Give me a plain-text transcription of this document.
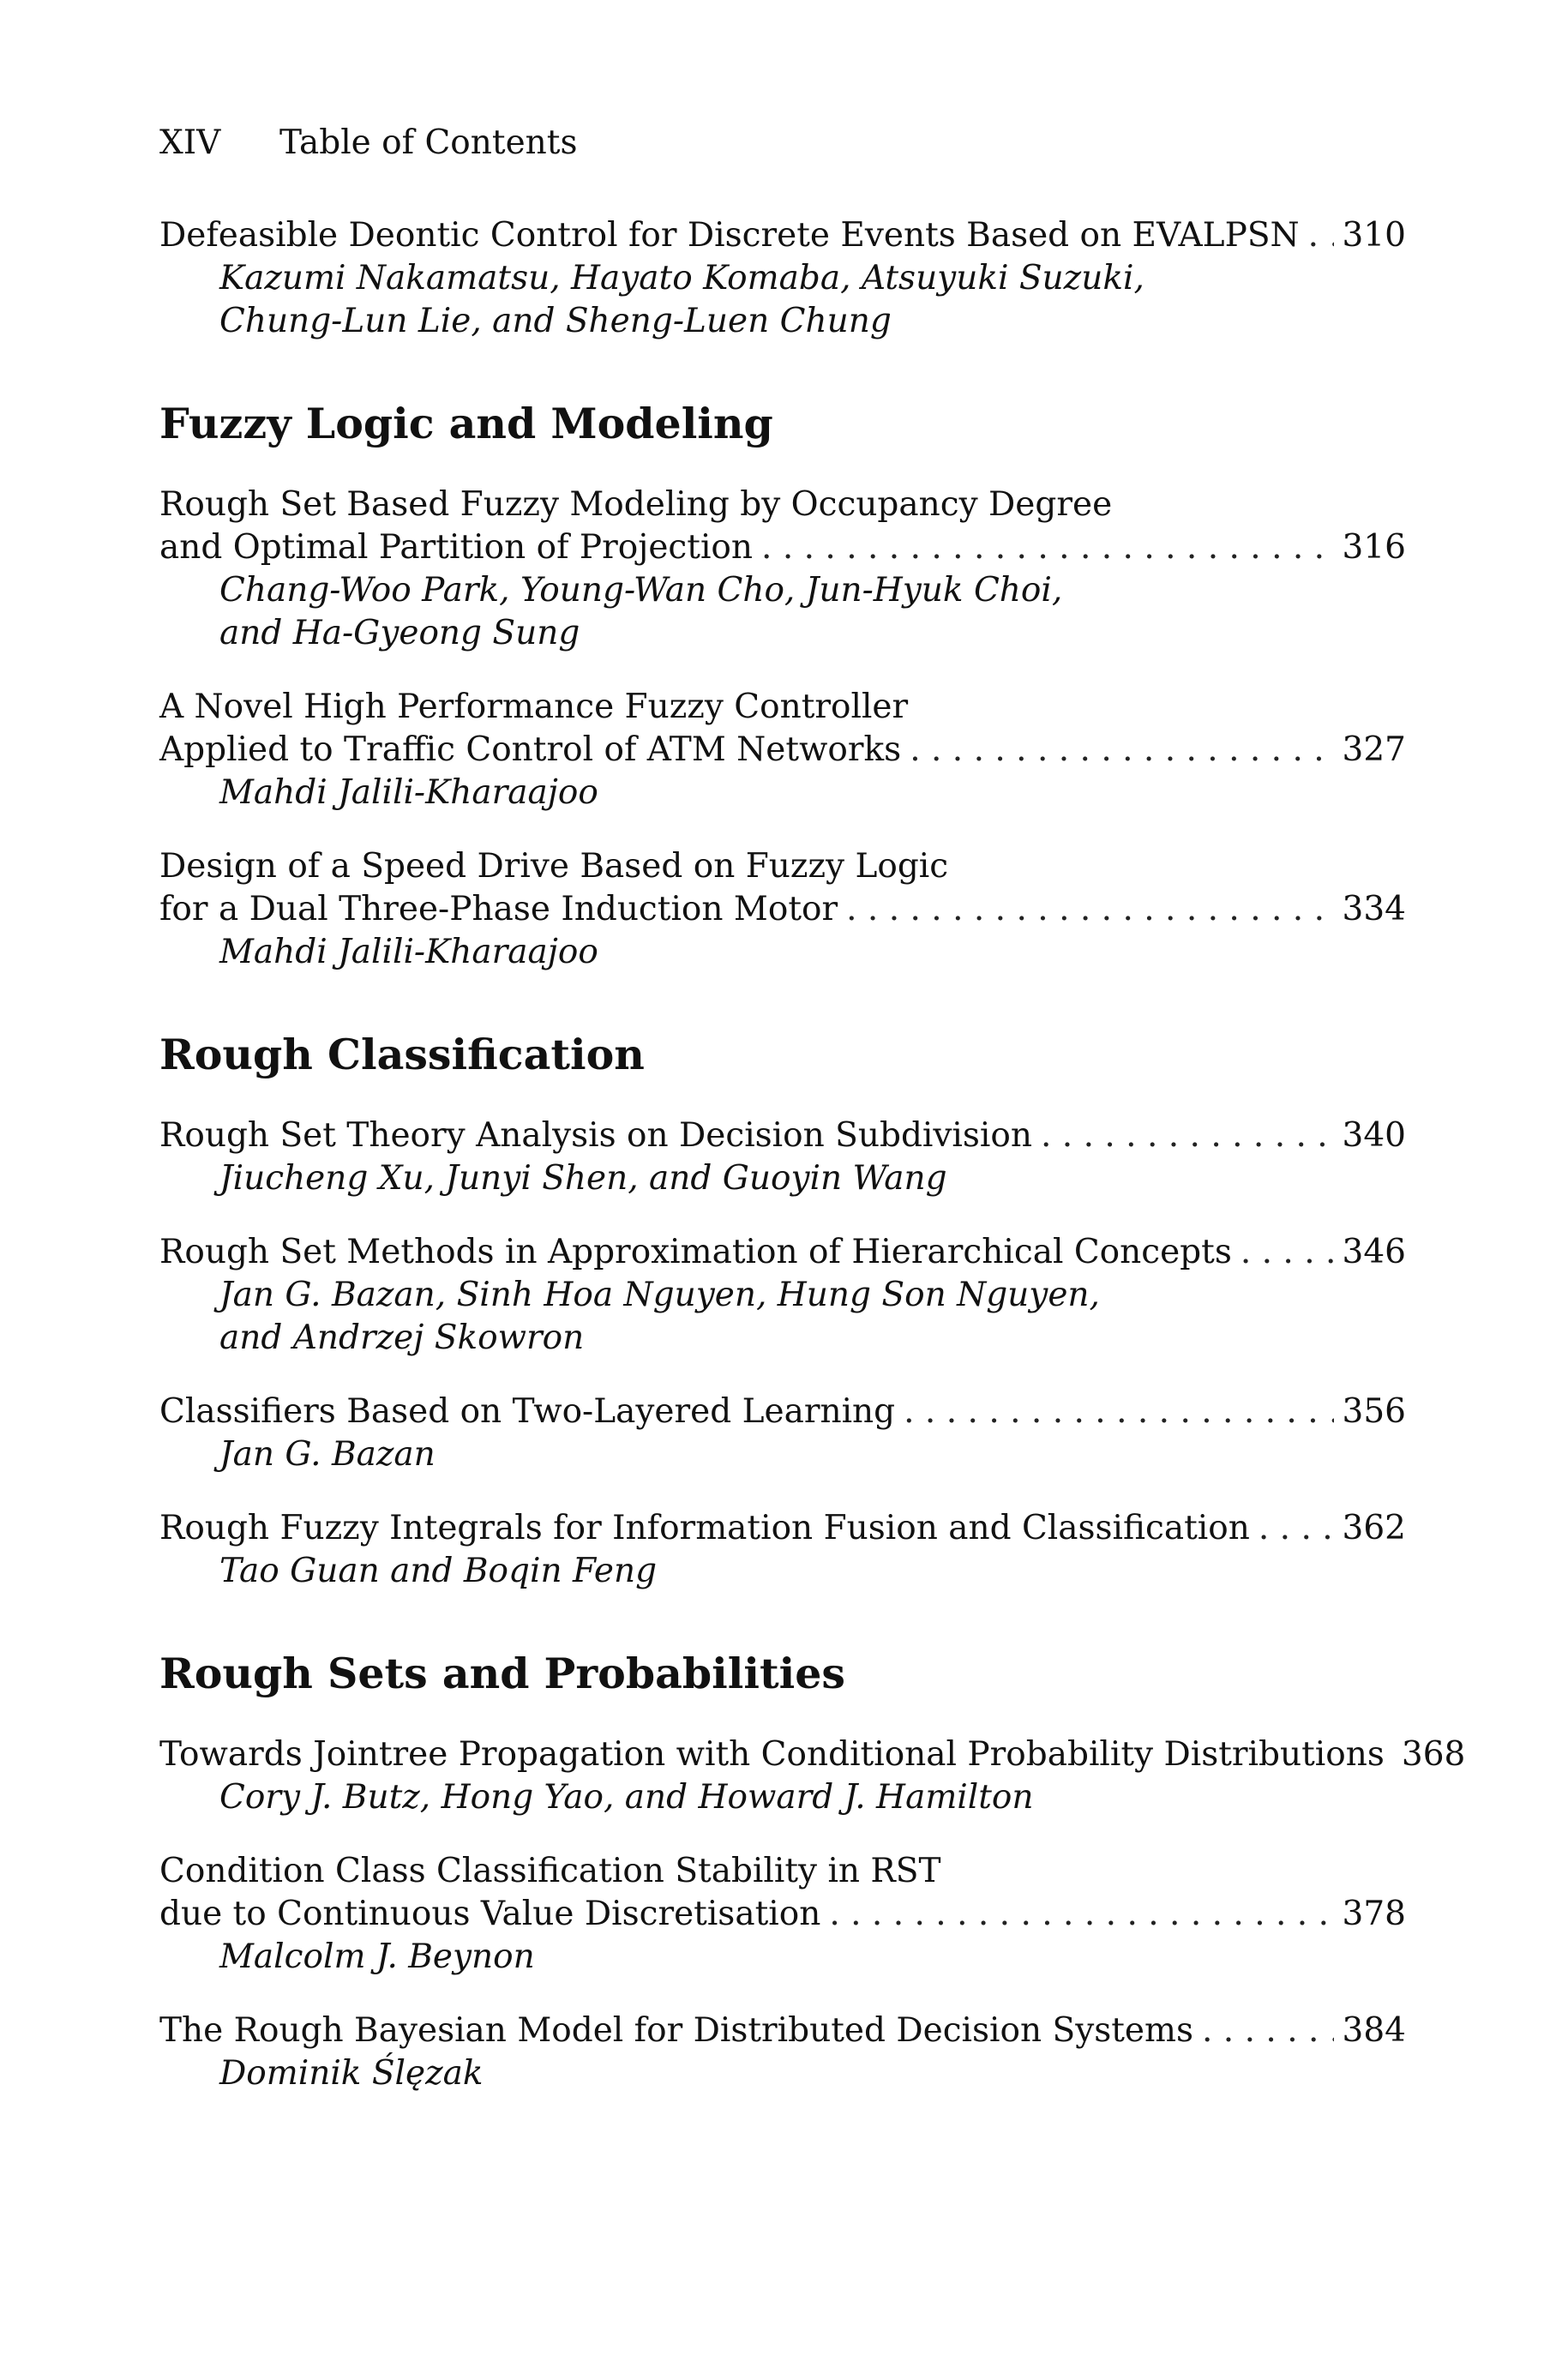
XIV Table of Contents
Defeasible Deontic Control for Discrete Events Based on EVALPSN . . . 310
Kazumi Nakamatsu, Hayato Komaba, Atsuyuki Suzuki,
Chung-Lun Lie, and Sheng-Luen Chung
Fuzzy Logic and Modeling
Rough Set Based Fuzzy Modeling by Occupancy Degree
and Optimal Partition of Projection . . .	316
Chang-Woo Park, Young-Wan Cho, Jun-Hyuk Choi,
and Ha-Gyeong Sung
A Novel High Performance Fuzzy Controller
Applied to Traffic Control of ATM Networks . . .	327
Mahdi Jalili-Kharaajoo
Design of a Speed Drive Based on Fuzzy Logic
for a Dual Three-Phase Induction Motor . . .	334
Mahdi Jalili-Kharaajoo
Rough Classification
Rough Set Theory Analysis on Decision Subdivision . . .	340
Jiucheng Xu, Junyi Shen, and Guoyin Wang
Rough Set Methods in Approximation of Hierarchical Concepts . . .	346
Jan G. Bazan, Sinh Hoa Nguyen, Hung Son Nguyen,
and Andrzej Skowron
Classifiers Based on Two-Layered Learning . . .	356
Jan G. Bazan
Rough Fuzzy Integrals for Information Fusion and Classification . . .	362
Tao Guan and Boqin Feng
Rough Sets and Probabilities
Towards Jointree Propagation with Conditional Probability Distributions 368
Cory J. Butz, Hong Yao, and Howard J. Hamilton
Condition Class Classification Stability in RST
due to Continuous Value Discretisation . . .	378
Malcolm J. Beynon
The Rough Bayesian Model for Distributed Decision Systems . . .	384
Dominik Ślęzak
